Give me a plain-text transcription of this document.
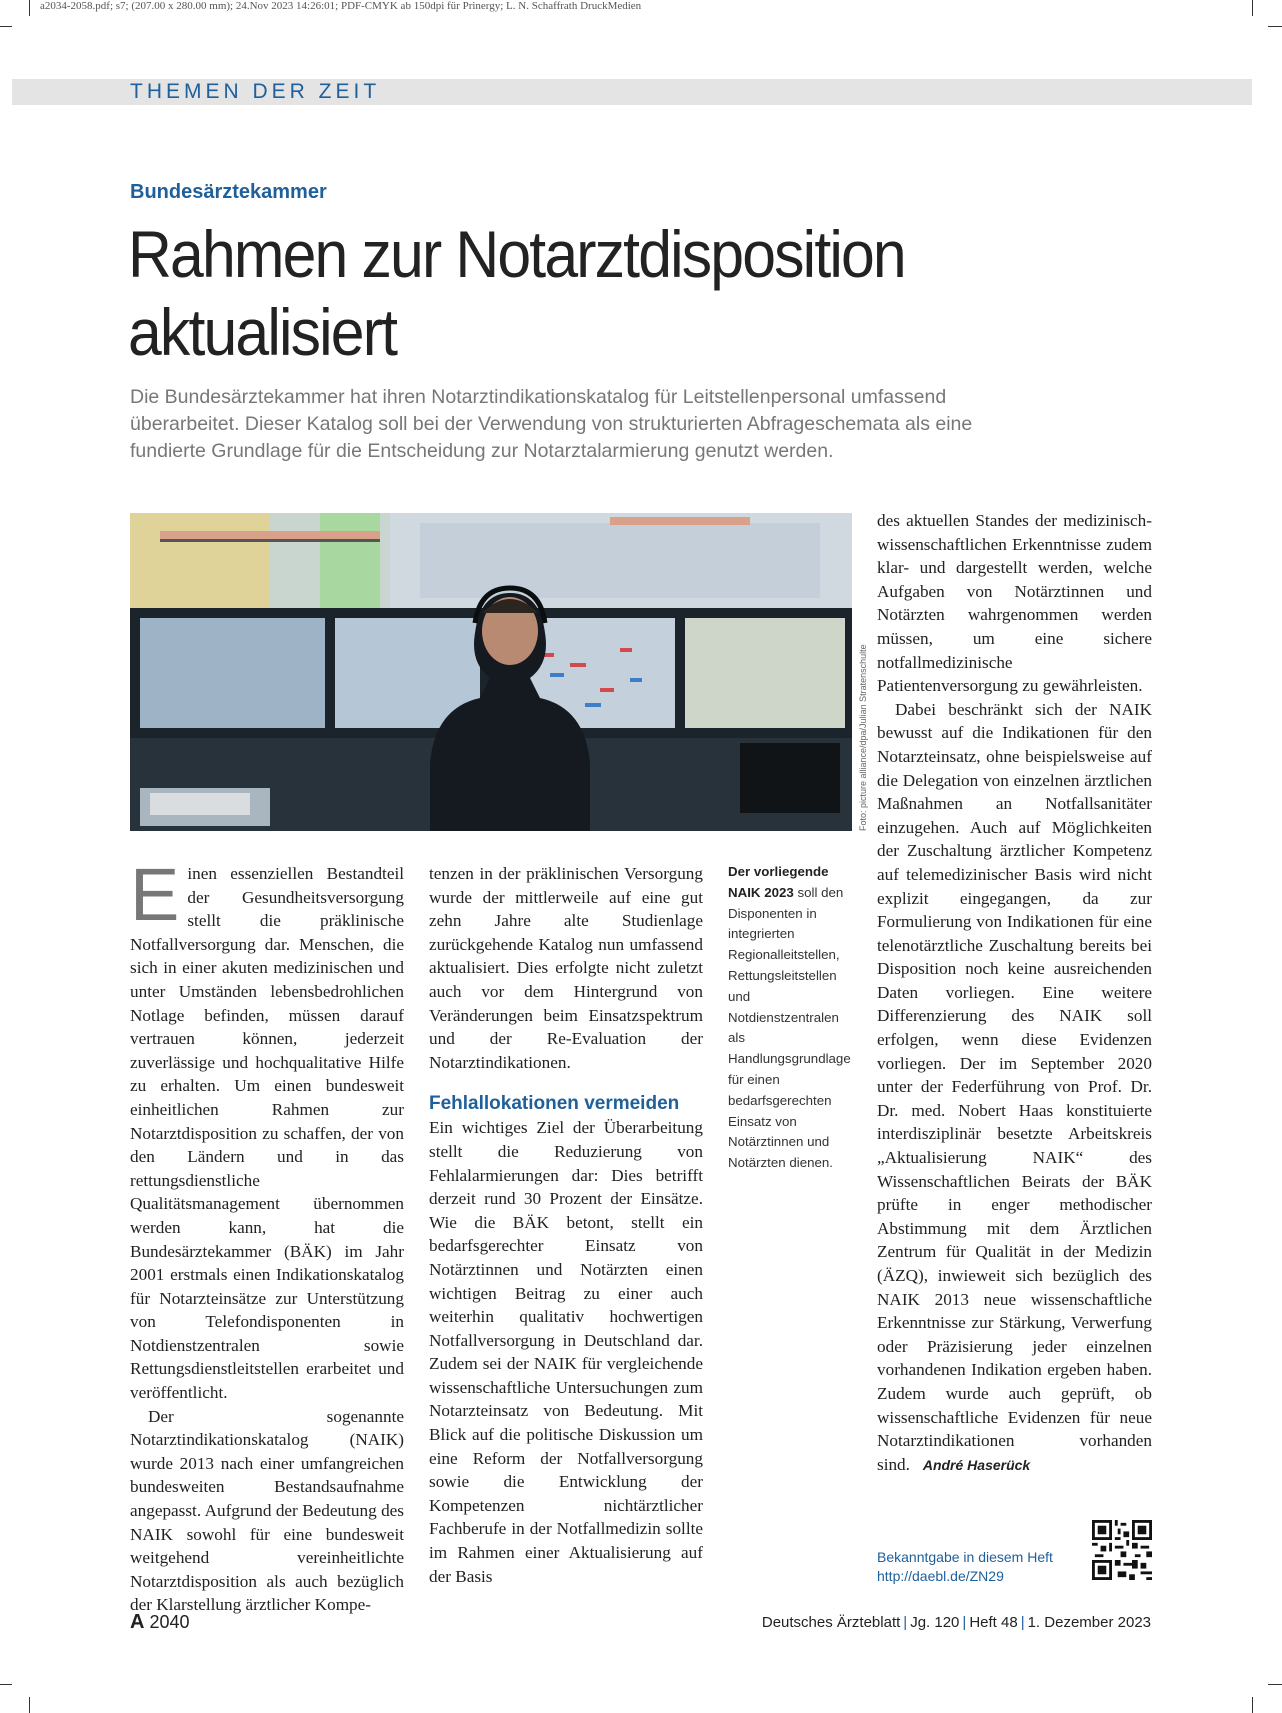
a2034-2058.pdf; s7; (207.00 x 280.00 mm); 24.Nov 2023 14:26:01; PDF-CMYK ab 150dpi für Prinergy; L. N. Schaffrath DruckMedien
THEMEN DER ZEIT
Bundesärztekammer
Rahmen zur Notarztdisposition
aktualisiert
Die Bundesärztekammer hat ihren Notarztindikationskatalog für Leitstellenpersonal umfassend überarbeitet. Dieser Katalog soll bei der Verwendung von strukturierten Abfrageschemata als eine fundierte Grundlage für die Entscheidung zur Notarztalarmierung genutzt werden.
Foto: picture alliance/dpa/Julian Stratenschulte

Einen essenziellen Bestandteil der Gesundheitsversorgung stellt die präklinische Notfallversorgung dar. Menschen, die sich in einer akuten medizinischen und unter Umständen lebensbedrohlichen Notlage befinden, müssen darauf vertrauen können, jederzeit zuverlässige und hochqualitative Hilfe zu erhalten. Um einen bundesweit einheitlichen Rahmen zur Notarztdisposition zu schaffen, der von den Ländern und in das rettungsdienstliche Qualitätsmanagement übernommen werden kann, hat die Bundesärztekammer (BÄK) im Jahr 2001 erstmals einen Indikationskatalog für Notarzteinsätze zur Unterstützung von Telefondisponenten in Notdienstzentralen sowie Rettungsdienstleitstellen erarbeitet und veröffentlicht.

Der sogenannte Notarztindikationskatalog (NAIK) wurde 2013 nach einer umfangreichen bundesweiten Bestandsaufnahme angepasst. Aufgrund der Bedeutung des NAIK sowohl für eine bundesweit weitgehend vereinheitlichte Notarztdisposition als auch bezüglich der Klarstellung ärztlicher Kompe-

tenzen in der präklinischen Versorgung wurde der mittlerweile auf eine gut zehn Jahre alte Studienlage zurückgehende Katalog nun umfassend aktualisiert. Dies erfolgte nicht zuletzt auch vor dem Hintergrund von Veränderungen beim Einsatzspektrum und der Re-Evaluation der Notarztindikationen.

Fehlallokationen vermeiden

Ein wichtiges Ziel der Überarbeitung stellt die Reduzierung von Fehlalarmierungen dar: Dies betrifft derzeit rund 30 Prozent der Einsätze. Wie die BÄK betont, stellt ein bedarfsgerechter Einsatz von Notärztinnen und Notärzten einen wichtigen Beitrag zu einer auch weiterhin qualitativ hochwertigen Notfallversorgung in Deutschland dar. Zudem sei der NAIK für vergleichende wissenschaftliche Untersuchungen zum Notarzteinsatz von Bedeutung. Mit Blick auf die politische Diskussion um eine Reform der Notfallversorgung sowie die Entwicklung der Kompetenzen nichtärztlicher Fachberufe in der Notfallmedizin sollte im Rahmen einer Aktualisierung auf der Basis

Der vorliegende NAIK 2023 soll den Disponenten in integrierten Regionalleitstellen, Rettungsleitstellen und Notdienstzentralen als Handlungsgrundlage für einen bedarfsgerechten Einsatz von Notärztinnen und Notärzten dienen.

des aktuellen Standes der medizinisch-wissenschaftlichen Erkenntnisse zudem klar- und dargestellt werden, welche Aufgaben von Notärztinnen und Notärzten wahrgenommen werden müssen, um eine sichere notfallmedizinische Patientenversorgung zu gewährleisten.

Dabei beschränkt sich der NAIK bewusst auf die Indikationen für den Notarzteinsatz, ohne beispielsweise auf die Delegation von einzelnen ärztlichen Maßnahmen an Notfallsanitäter einzugehen. Auch auf Möglichkeiten der Zuschaltung ärztlicher Kompetenz auf telemedizinischer Basis wird nicht explizit eingegangen, da zur Formulierung von Indikationen für eine telenotärztliche Zuschaltung bereits bei Disposition noch keine ausreichenden Daten vorliegen. Eine weitere Differenzierung des NAIK soll erfolgen, wenn diese Evidenzen vorliegen. Der im September 2020 unter der Federführung von Prof. Dr. Dr. med. Nobert Haas konstituierte interdisziplinär besetzte Arbeitskreis „Aktualisierung NAIK“ des Wissenschaftlichen Beirats der BÄK prüfte in enger methodischer Abstimmung mit dem Ärztlichen Zentrum für Qualität in der Medizin (ÄZQ), inwieweit sich bezüglich des NAIK 2013 neue wissenschaftliche Erkenntnisse zur Stärkung, Verwerfung oder Präzisierung jeder einzelnen vorhandenen Indikation ergeben haben. Zudem wurde auch geprüft, ob wissenschaftliche Evidenzen für neue Notarztindikationen vorhanden sind. André Haserück

Bekanntgabe in diesem Heft
http://daebl.de/ZN29
A 2040	Deutsches Ärzteblatt | Jg. 120 | Heft 48 | 1. Dezember 2023
